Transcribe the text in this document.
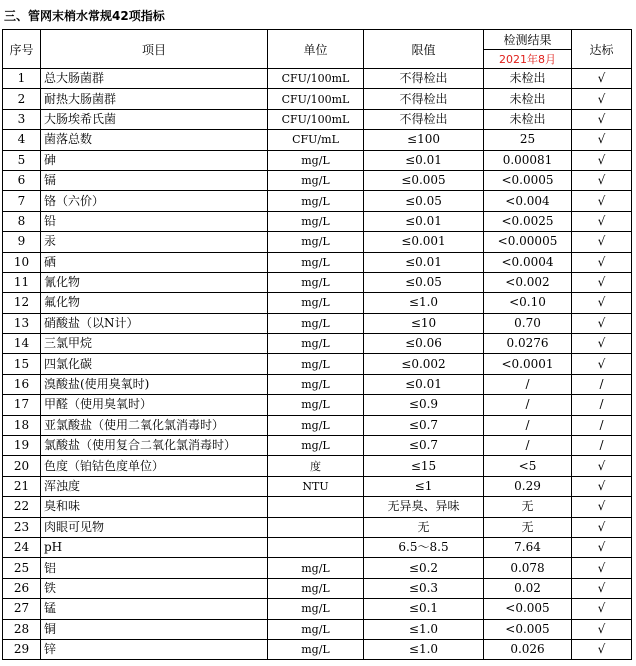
三、管网末梢水常规42项指标
序号	项目	单位	限值	检测结果	达标
				2021年8月	
1	总大肠菌群	CFU/100mL	不得检出	未检出	√
2	耐热大肠菌群	CFU/100mL	不得检出	未检出	√
3	大肠埃希氏菌	CFU/100mL	不得检出	未检出	√
4	菌落总数	CFU/mL	≤100	25	√
5	砷	mg/L	≤0.01	0.00081	√
6	镉	mg/L	≤0.005	<0.0005	√
7	铬（六价）	mg/L	≤0.05	<0.004	√
8	铅	mg/L	≤0.01	<0.0025	√
9	汞	mg/L	≤0.001	<0.00005	√
10	硒	mg/L	≤0.01	<0.0004	√
11	氰化物	mg/L	≤0.05	<0.002	√
12	氟化物	mg/L	≤1.0	<0.10	√
13	硝酸盐（以N计）	mg/L	≤10	0.70	√
14	三氯甲烷	mg/L	≤0.06	0.0276	√
15	四氯化碳	mg/L	≤0.002	<0.0001	√
16	溴酸盐(使用臭氧时)	mg/L	≤0.01	/	/
17	甲醛（使用臭氧时）	mg/L	≤0.9	/	/
18	亚氯酸盐（使用二氧化氯消毒时）	mg/L	≤0.7	/	/
19	氯酸盐（使用复合二氧化氯消毒时）	mg/L	≤0.7	/	/
20	色度（铂钴色度单位）	度	≤15	<5	√
21	浑浊度	NTU	≤1	0.29	√
22	臭和味		无异臭、异味	无	√
23	肉眼可见物		无	无	√
24	pH		6.5～8.5	7.64	√
25	铝	mg/L	≤0.2	0.078	√
26	铁	mg/L	≤0.3	0.02	√
27	锰	mg/L	≤0.1	<0.005	√
28	铜	mg/L	≤1.0	<0.005	√
29	锌	mg/L	≤1.0	0.026	√
